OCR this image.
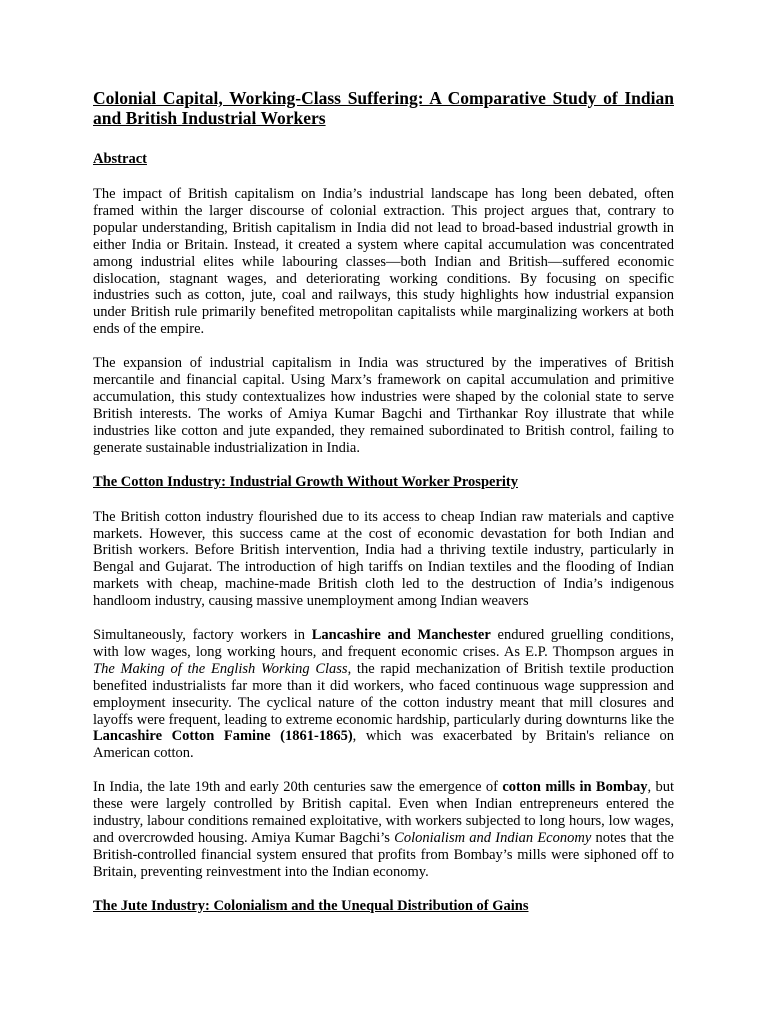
Colonial Capital, Working-Class Suffering: A Comparative Study of Indian and British Industrial Workers
Abstract

The impact of British capitalism on India’s industrial landscape has long been debated, often framed within the larger discourse of colonial extraction. This project argues that, contrary to popular understanding, British capitalism in India did not lead to broad-based industrial growth in either India or Britain. Instead, it created a system where capital accumulation was concentrated among industrial elites while labouring classes—both Indian and British—suffered economic dislocation, stagnant wages, and deteriorating working conditions. By focusing on specific industries such as cotton, jute, coal and railways, this study highlights how industrial expansion under British rule primarily benefited metropolitan capitalists while marginalizing workers at both ends of the empire.

The expansion of industrial capitalism in India was structured by the imperatives of British mercantile and financial capital. Using Marx’s framework on capital accumulation and primitive accumulation, this study contextualizes how industries were shaped by the colonial state to serve British interests. The works of Amiya Kumar Bagchi and Tirthankar Roy illustrate that while industries like cotton and jute expanded, they remained subordinated to British control, failing to generate sustainable industrialization in India.

The Cotton Industry: Industrial Growth Without Worker Prosperity

The British cotton industry flourished due to its access to cheap Indian raw materials and captive markets. However, this success came at the cost of economic devastation for both Indian and British workers. Before British intervention, India had a thriving textile industry, particularly in Bengal and Gujarat. The introduction of high tariffs on Indian textiles and the flooding of Indian markets with cheap, machine-made British cloth led to the destruction of India’s indigenous handloom industry, causing massive unemployment among Indian weavers

Simultaneously, factory workers in Lancashire and Manchester endured gruelling conditions, with low wages, long working hours, and frequent economic crises. As E.P. Thompson argues in The Making of the English Working Class, the rapid mechanization of British textile production benefited industrialists far more than it did workers, who faced continuous wage suppression and employment insecurity. The cyclical nature of the cotton industry meant that mill closures and layoffs were frequent, leading to extreme economic hardship, particularly during downturns like the Lancashire Cotton Famine (1861-1865), which was exacerbated by Britain's reliance on American cotton.

In India, the late 19th and early 20th centuries saw the emergence of cotton mills in Bombay, but these were largely controlled by British capital. Even when Indian entrepreneurs entered the industry, labour conditions remained exploitative, with workers subjected to long hours, low wages, and overcrowded housing. Amiya Kumar Bagchi’s Colonialism and Indian Economy notes that the British-controlled financial system ensured that profits from Bombay’s mills were siphoned off to Britain, preventing reinvestment into the Indian economy.

The Jute Industry: Colonialism and the Unequal Distribution of Gains
